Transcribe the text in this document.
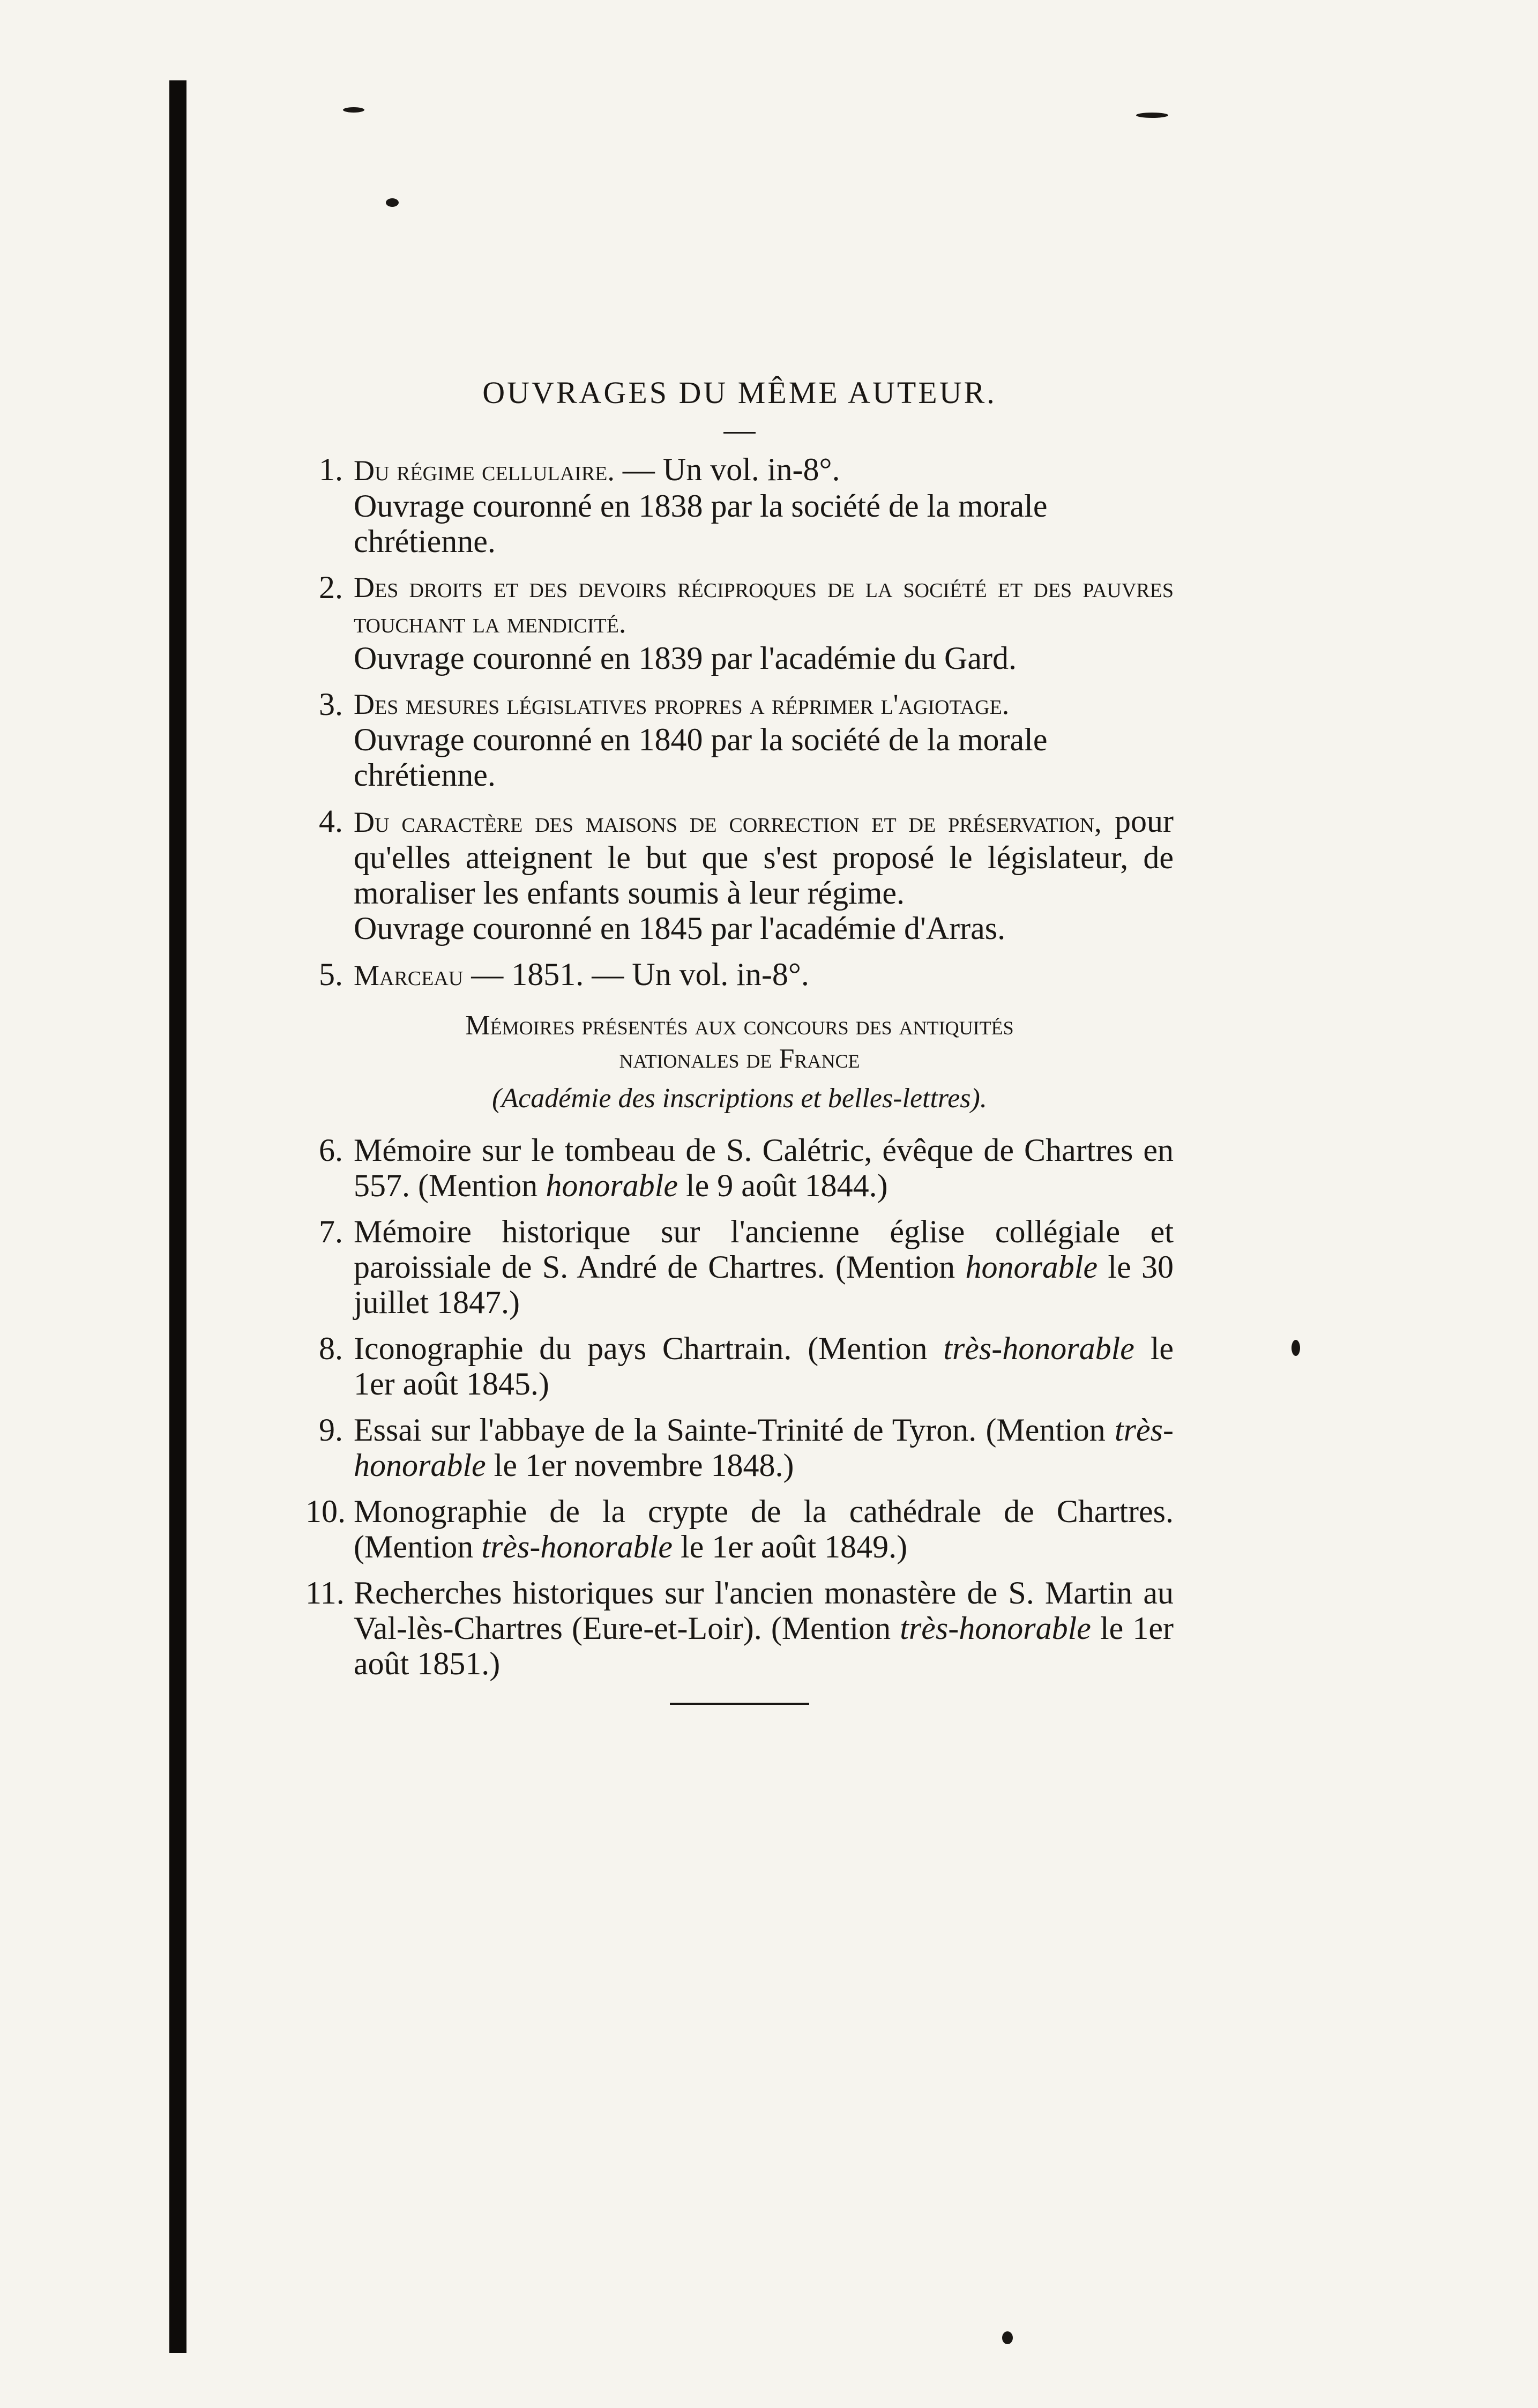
OUVRAGES DU MÊME AUTEUR.
1. Du régime cellulaire. — Un vol. in-8°.
Ouvrage couronné en 1838 par la société de la morale chrétienne.
2. Des droits et des devoirs réciproques de la société et des pauvres touchant la mendicité.
Ouvrage couronné en 1839 par l'académie du Gard.
3. Des mesures législatives propres a réprimer l'agiotage.
Ouvrage couronné en 1840 par la société de la morale chrétienne.
4. Du caractère des maisons de correction et de préservation, pour qu'elles atteignent le but que s'est proposé le législateur, de moraliser les enfants soumis à leur régime.
Ouvrage couronné en 1845 par l'académie d'Arras.
5. Marceau — 1851. — Un vol. in-8°.
Mémoires présentés aux concours des antiquités
nationales de France
(Académie des inscriptions et belles-lettres).
6. Mémoire sur le tombeau de S. Calétric, évêque de Chartres en 557. (Mention honorable le 9 août 1844.)
7. Mémoire historique sur l'ancienne église collégiale et paroissiale de S. André de Chartres. (Mention honorable le 30 juillet 1847.)
8. Iconographie du pays Chartrain. (Mention très-honorable le 1er août 1845.)
9. Essai sur l'abbaye de la Sainte-Trinité de Tyron. (Mention très-honorable le 1er novembre 1848.)
10. Monographie de la crypte de la cathédrale de Chartres. (Mention très-honorable le 1er août 1849.)
11. Recherches historiques sur l'ancien monastère de S. Martin au Val-lès-Chartres (Eure-et-Loir). (Mention très-honorable le 1er août 1851.)
